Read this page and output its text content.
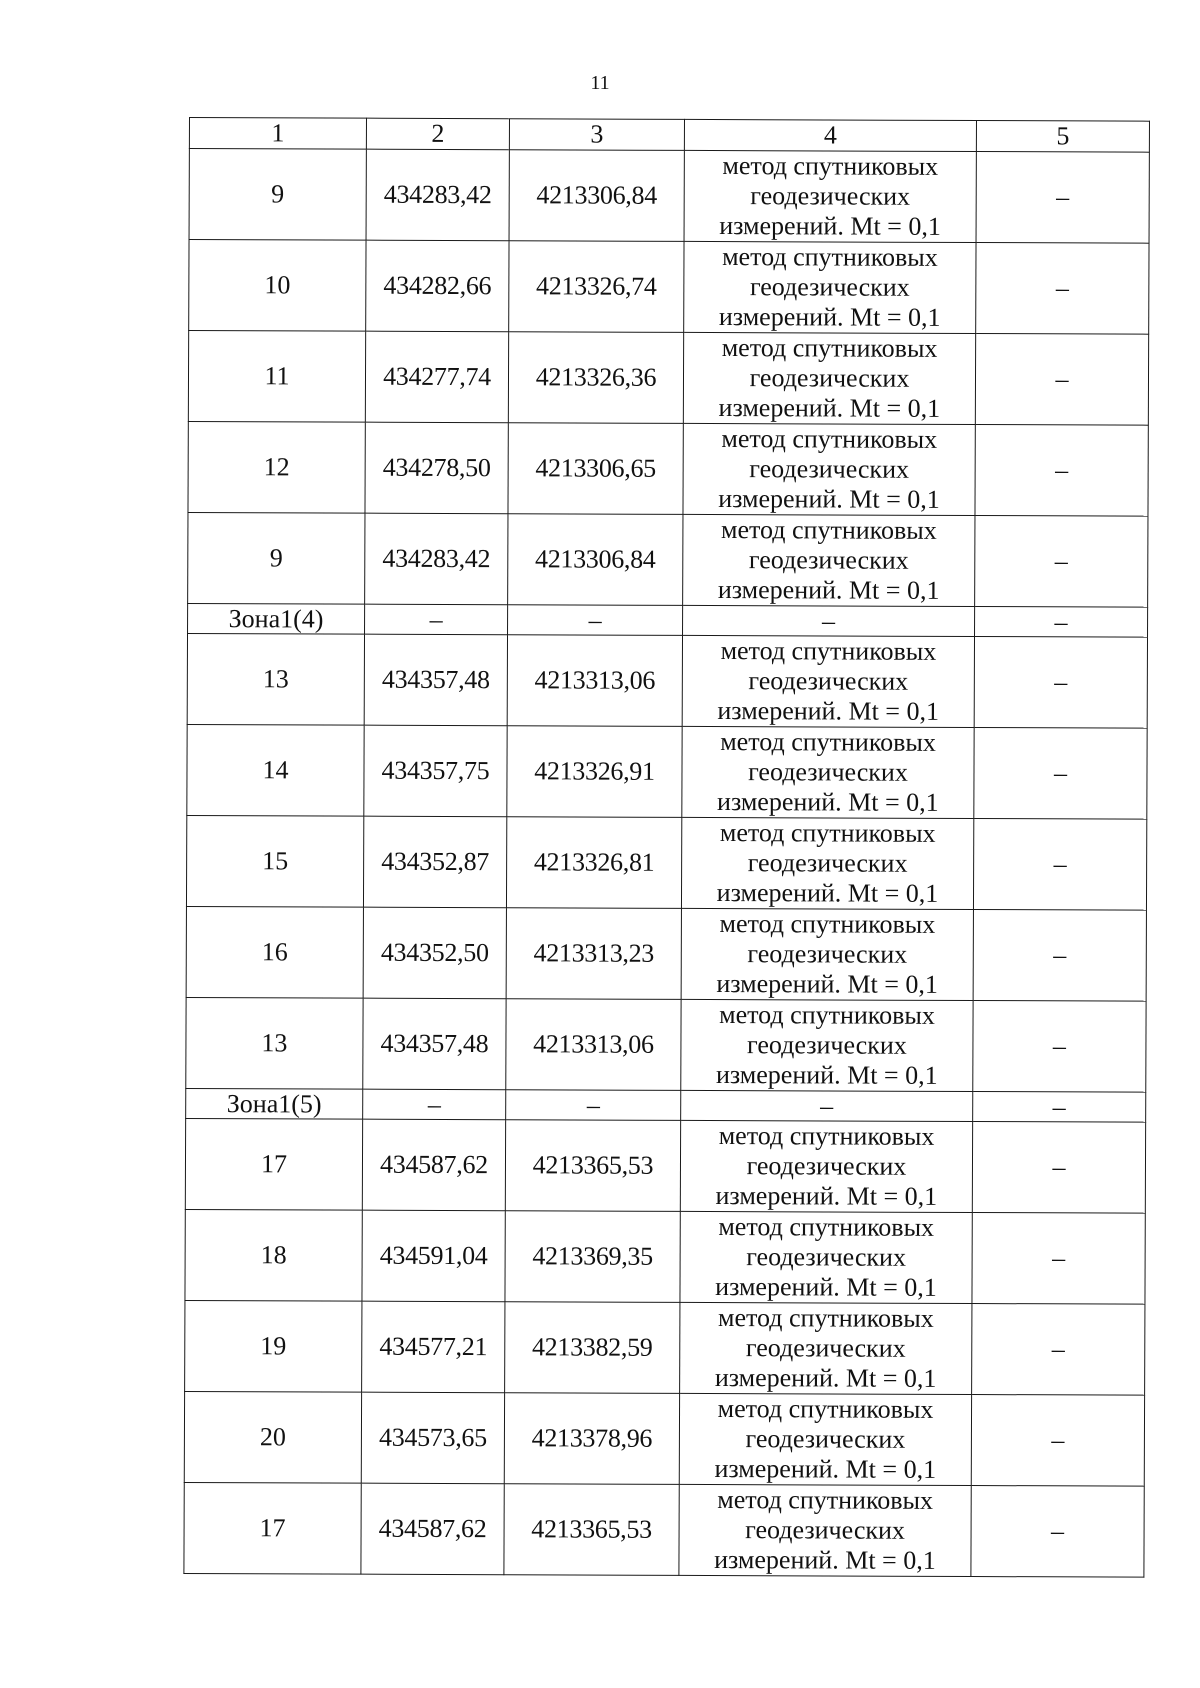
11
1	2	3	4	5
9	434283,42	4213306,84	метод спутниковых
геодезических
измерений. Mt = 0,1	–
10	434282,66	4213326,74	метод спутниковых
геодезических
измерений. Mt = 0,1	–
11	434277,74	4213326,36	метод спутниковых
геодезических
измерений. Mt = 0,1	–
12	434278,50	4213306,65	метод спутниковых
геодезических
измерений. Mt = 0,1	–
9	434283,42	4213306,84	метод спутниковых
геодезических
измерений. Mt = 0,1	–
Зона1(4)	–	–	–	–
13	434357,48	4213313,06	метод спутниковых
геодезических
измерений. Mt = 0,1	–
14	434357,75	4213326,91	метод спутниковых
геодезических
измерений. Mt = 0,1	–
15	434352,87	4213326,81	метод спутниковых
геодезических
измерений. Mt = 0,1	–
16	434352,50	4213313,23	метод спутниковых
геодезических
измерений. Mt = 0,1	–
13	434357,48	4213313,06	метод спутниковых
геодезических
измерений. Mt = 0,1	–
Зона1(5)	–	–	–	–
17	434587,62	4213365,53	метод спутниковых
геодезических
измерений. Mt = 0,1	–
18	434591,04	4213369,35	метод спутниковых
геодезических
измерений. Mt = 0,1	–
19	434577,21	4213382,59	метод спутниковых
геодезических
измерений. Mt = 0,1	–
20	434573,65	4213378,96	метод спутниковых
геодезических
измерений. Mt = 0,1	–
17	434587,62	4213365,53	метод спутниковых
геодезических
измерений. Mt = 0,1	–
